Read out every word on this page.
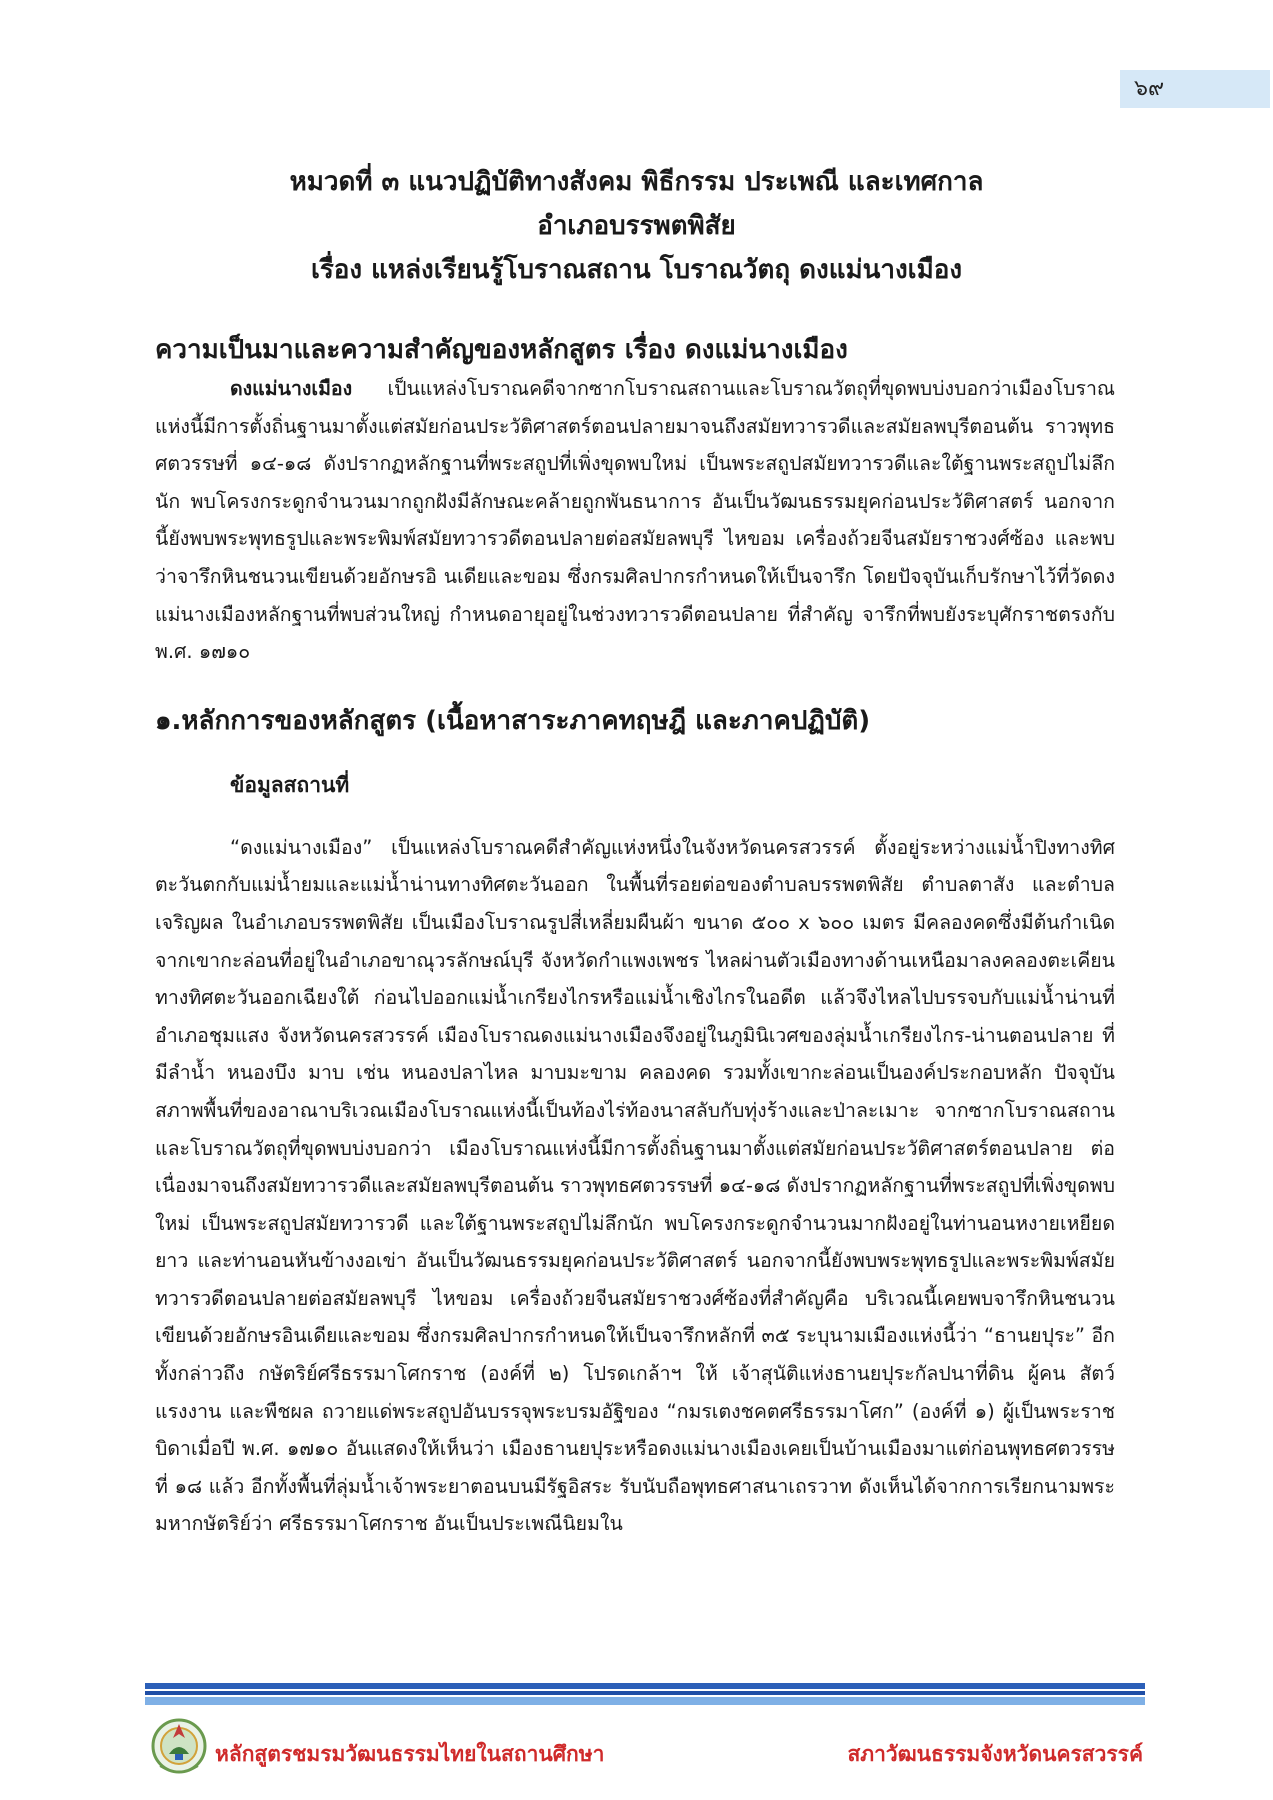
๖๙
หมวดที่ ๓ แนวปฏิบัติทางสังคม พิธีกรรม ประเพณี และเทศกาล
อำเภอบรรพตพิสัย
เรื่อง แหล่งเรียนรู้โบราณสถาน โบราณวัตถุ ดงแม่นางเมือง

ความเป็นมาและความสำคัญของหลักสูตร เรื่อง ดงแม่นางเมือง

ดงแม่นางเมือง เป็นแหล่งโบราณคดีจากซากโบราณสถานและโบราณวัตถุที่ขุดพบบ่งบอกว่าเมืองโบราณแห่งนี้มีการตั้งถิ่นฐานมาตั้งแต่สมัยก่อนประวัติศาสตร์ตอนปลายมาจนถึงสมัยทวารวดีและสมัยลพบุรีตอนต้น ราวพุทธศตวรรษที่ ๑๔-๑๘ ดังปรากฏหลักฐานที่พระสถูปที่เพิ่งขุดพบใหม่ เป็นพระสถูปสมัยทวารวดีและใต้ฐานพระสถูปไม่ลึกนัก พบโครงกระดูกจำนวนมากถูกฝังมีลักษณะคล้ายถูกพันธนาการ อันเป็นวัฒนธรรมยุคก่อนประวัติศาสตร์ นอกจากนี้ยังพบพระพุทธรูปและพระพิมพ์สมัยทวารวดีตอนปลายต่อสมัยลพบุรี ไหขอม เครื่องถ้วยจีนสมัยราชวงศ์ซ้อง และพบว่าจารึกหินชนวนเขียนด้วยอักษรอิ นเดียและขอม ซึ่งกรมศิลปากรกำหนดให้เป็นจารึก โดยปัจจุบันเก็บรักษาไว้ที่วัดดงแม่นางเมืองหลักฐานที่พบส่วนใหญ่ กำหนดอายุอยู่ในช่วงทวารวดีตอนปลาย ที่สำคัญ จารึกที่พบยังระบุศักราชตรงกับพ.ศ. ๑๗๑๐

๑.หลักการของหลักสูตร (เนื้อหาสาระภาคทฤษฎี และภาคปฏิบัติ)

ข้อมูลสถานที่

“ดงแม่นางเมือง” เป็นแหล่งโบราณคดีสำคัญแห่งหนึ่งในจังหวัดนครสวรรค์ ตั้งอยู่ระหว่างแม่น้ำปิงทางทิศตะวันตกกับแม่น้ำยมและแม่น้ำน่านทางทิศตะวันออก ในพื้นที่รอยต่อของตำบลบรรพตพิสัย ตำบลตาสัง และตำบลเจริญผล ในอำเภอบรรพตพิสัย เป็นเมืองโบราณรูปสี่เหลี่ยมผืนผ้า ขนาด ๕๐๐ x ๖๐๐ เมตร มีคลองคดซึ่งมีต้นกำเนิดจากเขากะล่อนที่อยู่ในอำเภอขาณุวรลักษณ์บุรี จังหวัดกำแพงเพชร ไหลผ่านตัวเมืองทางด้านเหนือมาลงคลองตะเคียนทางทิศตะวันออกเฉียงใต้ ก่อนไปออกแม่น้ำเกรียงไกรหรือแม่น้ำเชิงไกรในอดีต แล้วจึงไหลไปบรรจบกับแม่น้ำน่านที่อำเภอชุมแสง จังหวัดนครสวรรค์ เมืองโบราณดงแม่นางเมืองจึงอยู่ในภูมินิเวศของลุ่มน้ำเกรียงไกร-น่านตอนปลาย ที่มีลำน้ำ หนองบึง มาบ เช่น หนองปลาไหล มาบมะขาม คลองคด รวมทั้งเขากะล่อนเป็นองค์ประกอบหลัก ปัจจุบันสภาพพื้นที่ของอาณาบริเวณเมืองโบราณแห่งนี้เป็นท้องไร่ท้องนาสลับกับทุ่งร้างและป่าละเมาะ จากซากโบราณสถานและโบราณวัตถุที่ขุดพบบ่งบอกว่า เมืองโบราณแห่งนี้มีการตั้งถิ่นฐานมาตั้งแต่สมัยก่อนประวัติศาสตร์ตอนปลาย ต่อเนื่องมาจนถึงสมัยทวารวดีและสมัยลพบุรีตอนต้น ราวพุทธศตวรรษที่ ๑๔-๑๘ ดังปรากฏหลักฐานที่พระสถูปที่เพิ่งขุดพบใหม่ เป็นพระสถูปสมัยทวารวดี และใต้ฐานพระสถูปไม่ลึกนัก พบโครงกระดูกจำนวนมากฝังอยู่ในท่านอนหงายเหยียดยาว และท่านอนหันข้างงอเข่า อันเป็นวัฒนธรรมยุคก่อนประวัติศาสตร์ นอกจากนี้ยังพบพระพุทธรูปและพระพิมพ์สมัยทวารวดีตอนปลายต่อสมัยลพบุรี ไหขอม เครื่องถ้วยจีนสมัยราชวงศ์ซ้องที่สำคัญคือ บริเวณนี้เคยพบจารึกหินชนวนเขียนด้วยอักษรอินเดียและขอม ซึ่งกรมศิลปากรกำหนดให้เป็นจารึกหลักที่ ๓๕ ระบุนามเมืองแห่งนี้ว่า “ธานยปุระ” อีกทั้งกล่าวถึง กษัตริย์ศรีธรรมาโศกราช (องค์ที่ ๒) โปรดเกล้าฯ ให้ เจ้าสุนัติแห่งธานยปุระกัลปนาที่ดิน ผู้คน สัตว์แรงงาน และพืชผล ถวายแด่พระสถูปอันบรรจุพระบรมอัฐิของ “กมรเตงชคตศรีธรรมาโศก” (องค์ที่ ๑) ผู้เป็นพระราชบิดาเมื่อปี พ.ศ. ๑๗๑๐ อันแสดงให้เห็นว่า เมืองธานยปุระหรือดงแม่นางเมืองเคยเป็นบ้านเมืองมาแต่ก่อนพุทธศตวรรษที่ ๑๘ แล้ว อีกทั้งพื้นที่ลุ่มน้ำเจ้าพระยาตอนบนมีรัฐอิสระ รับนับถือพุทธศาสนาเถรวาท ดังเห็นได้จากการเรียกนามพระมหากษัตริย์ว่า ศรีธรรมาโศกราช อันเป็นประเพณีนิยมใน

หลักสูตรชมรมวัฒนธรรมไทยในสถานศึกษา	สภาวัฒนธรรมจังหวัดนครสวรรค์
